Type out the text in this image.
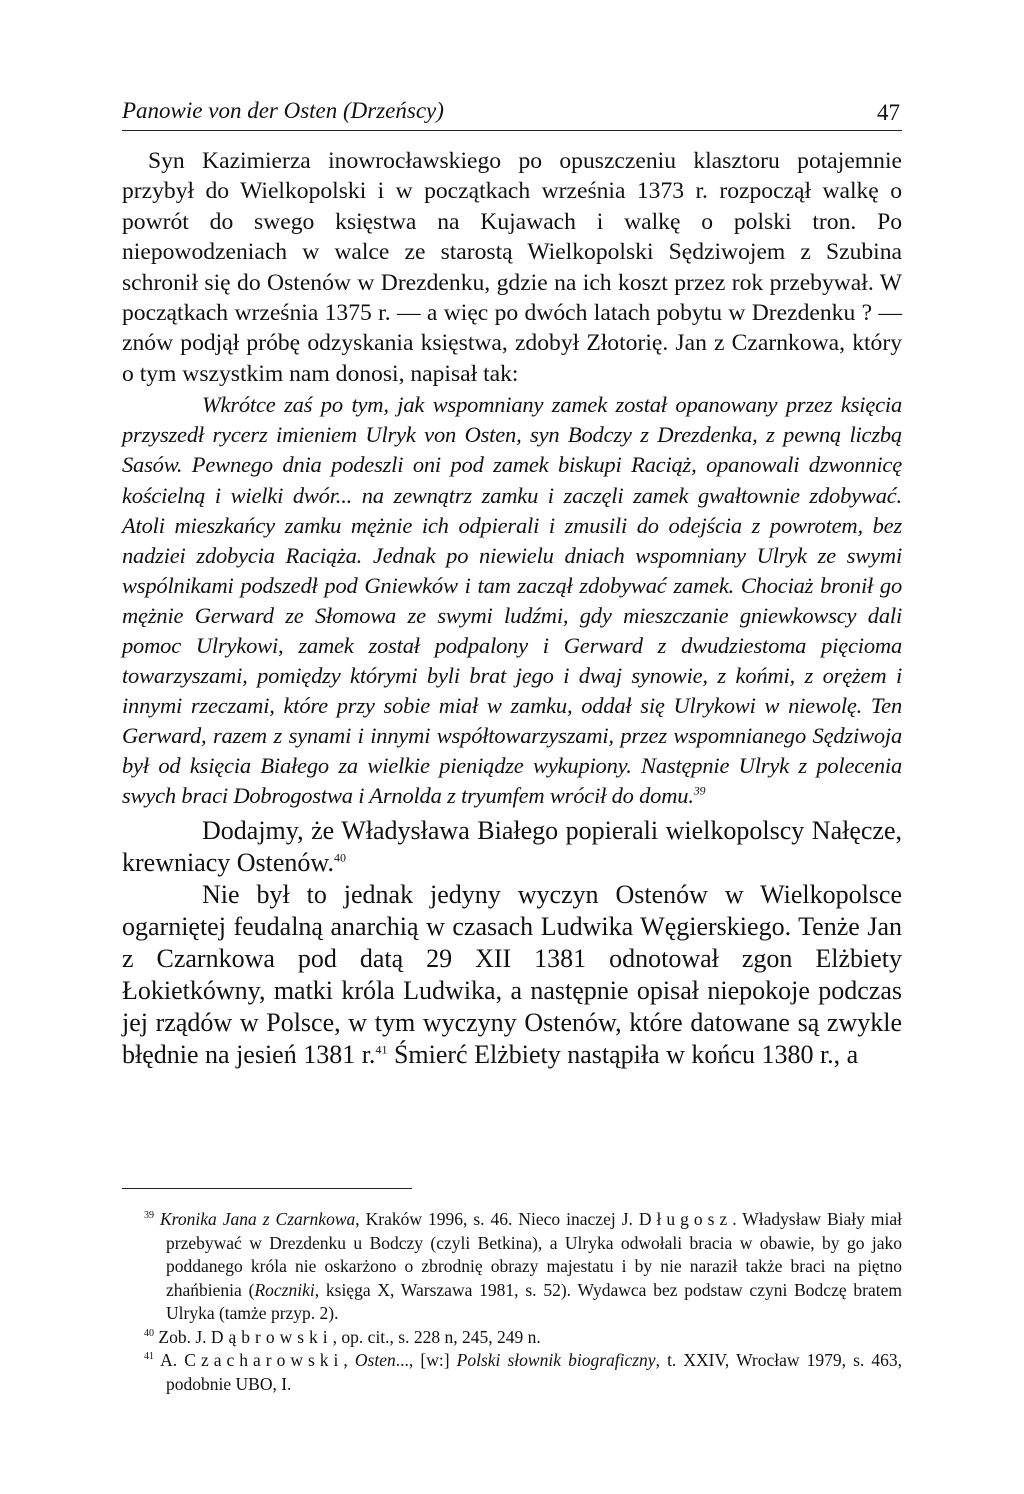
Panowie von der Osten (Drzeńscy)	47

Syn Kazimierza inowrocławskiego po opuszczeniu klasztoru potajemnie przybył do Wielkopolski i w początkach września 1373 r. rozpoczął walkę o powrót do swego księstwa na Kujawach i walkę o polski tron. Po niepowodzeniach w walce ze starostą Wielkopolski Sędziwojem z Szubina schronił się do Ostenów w Drezdenku, gdzie na ich koszt przez rok przebywał. W początkach września 1375 r. — a więc po dwóch latach pobytu w Drezdenku ? — znów podjął próbę odzyskania księstwa, zdobył Złotorię. Jan z Czarnkowa, który o tym wszystkim nam donosi, napisał tak:

Wkrótce zaś po tym, jak wspomniany zamek został opanowany przez księcia przyszedł rycerz imieniem Ulryk von Osten, syn Bodczy z Drezdenka, z pewną liczbą Sasów. Pewnego dnia podeszli oni pod zamek biskupi Raciąż, opanowali dzwonnicę kościelną i wielki dwór... na zewnątrz zamku i zaczęli zamek gwałtownie zdobywać. Atoli mieszkańcy zamku mężnie ich odpierali i zmusili do odejścia z powrotem, bez nadziei zdobycia Raciąża. Jednak po niewielu dniach wspomniany Ulryk ze swymi wspólnikami podszedł pod Gniewków i tam zaczął zdobywać zamek. Chociaż bronił go mężnie Gerward ze Słomowa ze swymi ludźmi, gdy mieszczanie gniewkowscy dali pomoc Ulrykowi, zamek został podpalony i Gerward z dwudziestoma pięcioma towarzyszami, pomiędzy którymi byli brat jego i dwaj synowie, z końmi, z orężem i innymi rzeczami, które przy sobie miał w zamku, oddał się Ulrykowi w niewolę. Ten Gerward, razem z synami i innymi współtowarzyszami, przez wspomnianego Sędziwoja był od księcia Białego za wielkie pieniądze wykupiony. Następnie Ulryk z polecenia swych braci Dobrogostwa i Arnolda z tryumfem wrócił do domu.$^{39}$

Dodajmy, że Władysława Białego popierali wielkopolscy Nałęcze, krewniacy Ostenów.$^{40}$

Nie był to jednak jedyny wyczyn Ostenów w Wielkopolsce ogarniętej feudalną anarchią w czasach Ludwika Węgierskiego. Tenże Jan z Czarnkowa pod datą 29 XII 1381 odnotował zgon Elżbiety Łokietkówny, matki króla Ludwika, a następnie opisał niepokoje podczas jej rządów w Polsce, w tym wyczyny Ostenów, które datowane są zwykle błędnie na jesień 1381 r.$^{41}$ Śmierć Elżbiety nastąpiła w końcu 1380 r., a

$^{39}$ Kronika Jana z Czarnkowa, Kraków 1996, s. 46. Nieco inaczej J. Długosz. Władysław Biały miał przebywać w Drezdenku u Bodczy (czyli Betkina), a Ulryka odwołali bracia w obawie, by go jako poddanego króla nie oskarżono o zbrodnię obrazy majestatu i by nie naraził także braci na piętno zhańbienia (Roczniki, księga X, Warszawa 1981, s. 52). Wydawca bez podstaw czyni Bodczę bratem Ulryka (tamże przyp. 2).

$^{40}$ Zob. J. Dąbrowski, op. cit., s. 228 n, 245, 249 n.

$^{41}$ A. Czacharowski, Osten..., [w:] Polski słownik biograficzny, t. XXIV, Wrocław 1979, s. 463, podobnie UBO, I.
